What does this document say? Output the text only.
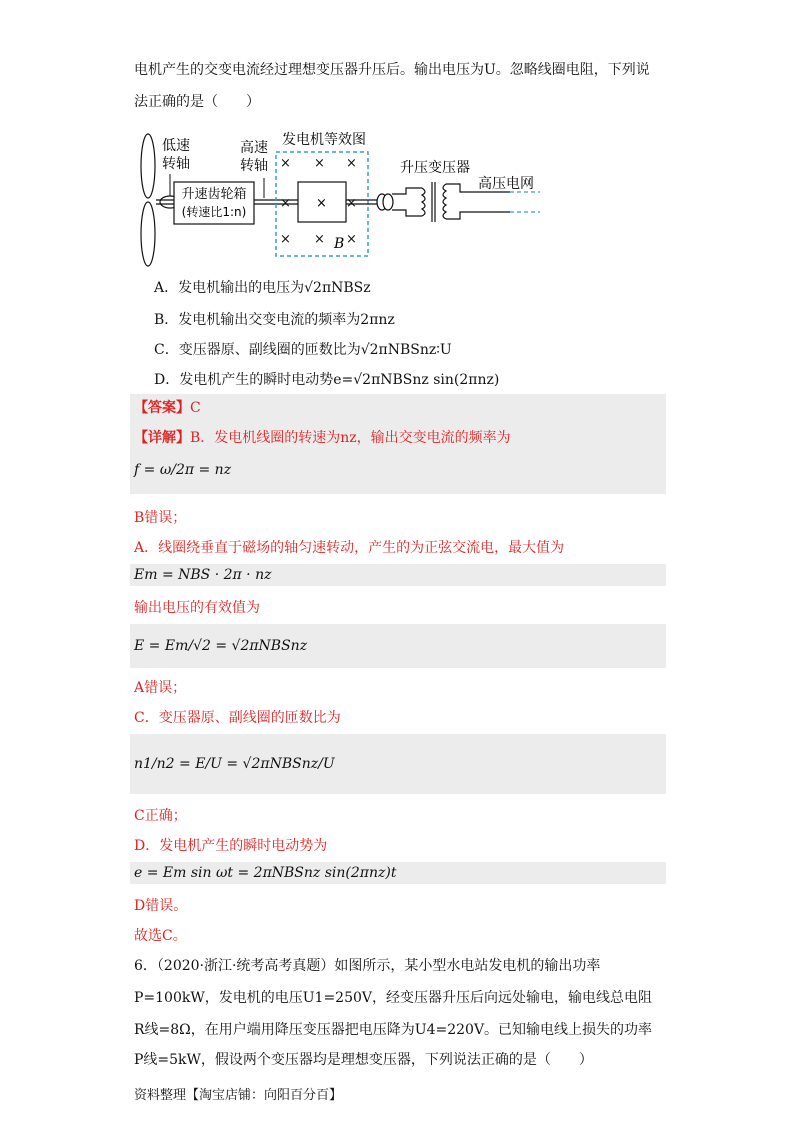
电机产生的交变电流经过理想变压器升压后。输出电压为U。忽略线圈电阻，下列说
法正确的是（　　）
升速齿轮箱
(转速比1:n)
低速
转轴
高速
转轴
发电机等效图
× × ×
×	×
× × ×
B
×
升压变压器
高压电网
A．发电机输出的电压为√2πNBSz
B．发电机输出交变电流的频率为2πnz
C．变压器原、副线圈的匝数比为√2πNBSnz∶U
D．发电机产生的瞬时电动势e=√2πNBSnz sin(2πnz)
【答案】C
【详解】B．发电机线圈的转速为nz，输出交变电流的频率为
f = ω/2π = nz
B错误；
A．线圈绕垂直于磁场的轴匀速转动，产生的为正弦交流电，最大值为
Em = NBS · 2π · nz
输出电压的有效值为
E = Em/√2 = √2πNBSnz
A错误；
C．变压器原、副线圈的匝数比为
n1/n2 = E/U = √2πNBSnz/U
C正确；
D．发电机产生的瞬时电动势为
e = Em sin ωt = 2πNBSnz sin(2πnz)t
D错误。
故选C。
6．（2020·浙江·统考高考真题）如图所示，某小型水电站发电机的输出功率
P=100kW，发电机的电压U1=250V，经变压器升压后向远处输电，输电线总电阻
R线=8Ω，在用户端用降压变压器把电压降为U4=220V。已知输电线上损失的功率
P线=5kW，假设两个变压器均是理想变压器，下列说法正确的是（　　）
资料整理【淘宝店铺：向阳百分百】
